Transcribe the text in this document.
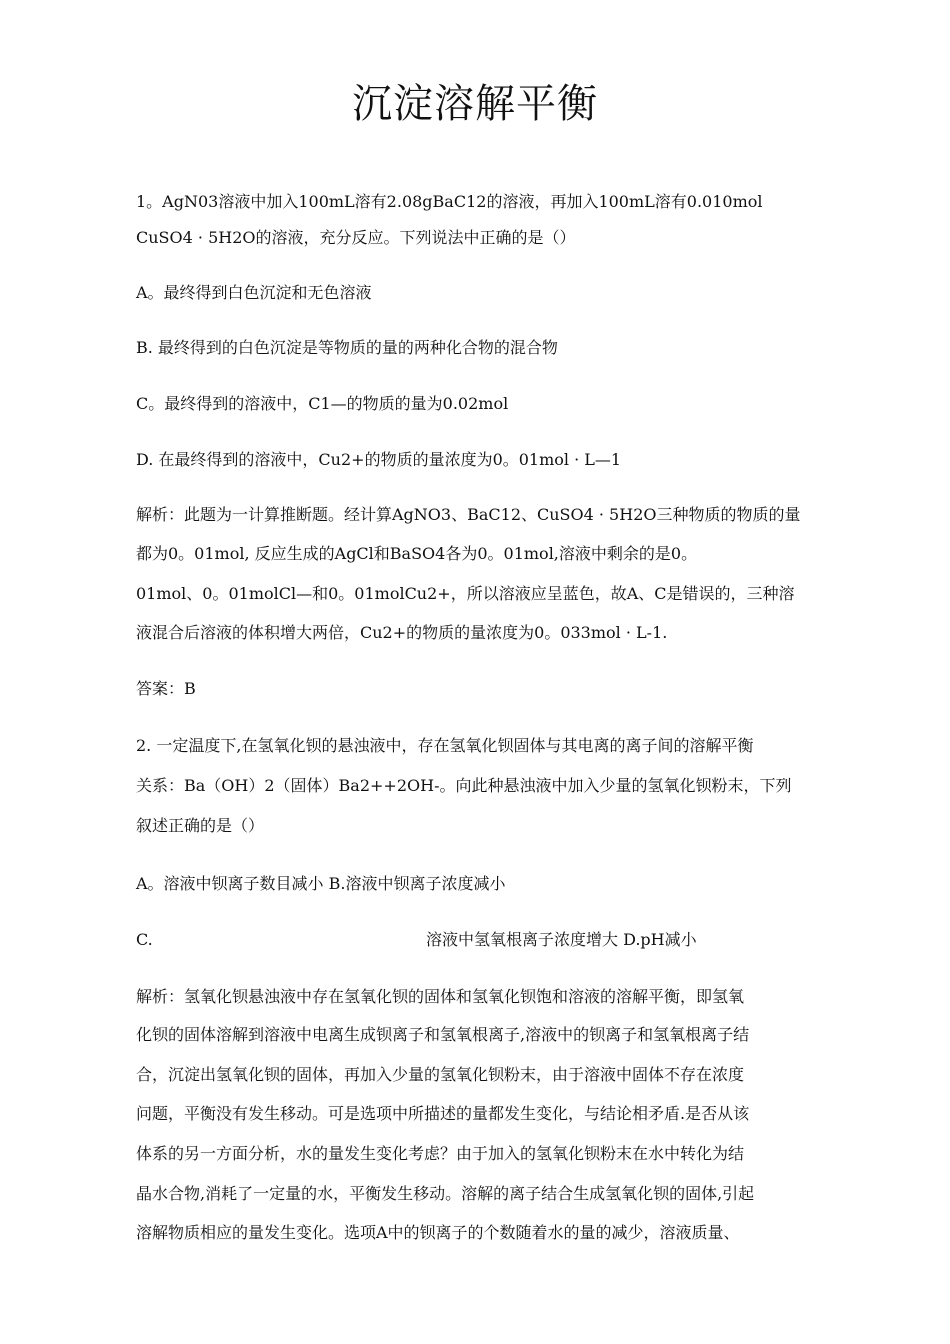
沉淀溶解平衡
1。AgN03溶液中加入100mL溶有2.08gBaC12的溶液，再加入100mL溶有0.010mol
CuSO4 · 5H2O的溶液，充分反应。下列说法中正确的是（）
A。最终得到白色沉淀和无色溶液
B. 最终得到的白色沉淀是等物质的量的两种化合物的混合物
C。最终得到的溶液中，C1—的物质的量为0.02mol
D. 在最终得到的溶液中，Cu2+的物质的量浓度为0。01mol · L—1
解析：此题为一计算推断题。经计算AgNO3、BaC12、CuSO4 · 5H2O三种物质的物质的量
都为0。01mol, 反应生成的AgCl和BaSO4各为0。01mol,溶液中剩余的是0。
01mol、0。01molCl—和0。01molCu2+，所以溶液应呈蓝色，故A、C是错误的，三种溶
液混合后溶液的体积增大两倍，Cu2+的物质的量浓度为0。033mol · L-1.
答案：B
2. 一定温度下,在氢氧化钡的悬浊液中，存在氢氧化钡固体与其电离的离子间的溶解平衡
关系：Ba（OH）2（固体）Ba2++2OH-。向此种悬浊液中加入少量的氢氧化钡粉末，下列
叙述正确的是（）
A。溶液中钡离子数目减小 B.溶液中钡离子浓度减小
C.	溶液中氢氧根离子浓度增大 D.pH减小
解析：氢氧化钡悬浊液中存在氢氧化钡的固体和氢氧化钡饱和溶液的溶解平衡，即氢氧
化钡的固体溶解到溶液中电离生成钡离子和氢氧根离子,溶液中的钡离子和氢氧根离子结
合，沉淀出氢氧化钡的固体，再加入少量的氢氧化钡粉末，由于溶液中固体不存在浓度
问题，平衡没有发生移动。可是选项中所描述的量都发生变化，与结论相矛盾.是否从该
体系的另一方面分析，水的量发生变化考虑？由于加入的氢氧化钡粉末在水中转化为结
晶水合物,消耗了一定量的水，平衡发生移动。溶解的离子结合生成氢氧化钡的固体,引起
溶解物质相应的量发生变化。选项A中的钡离子的个数随着水的量的减少，溶液质量、
